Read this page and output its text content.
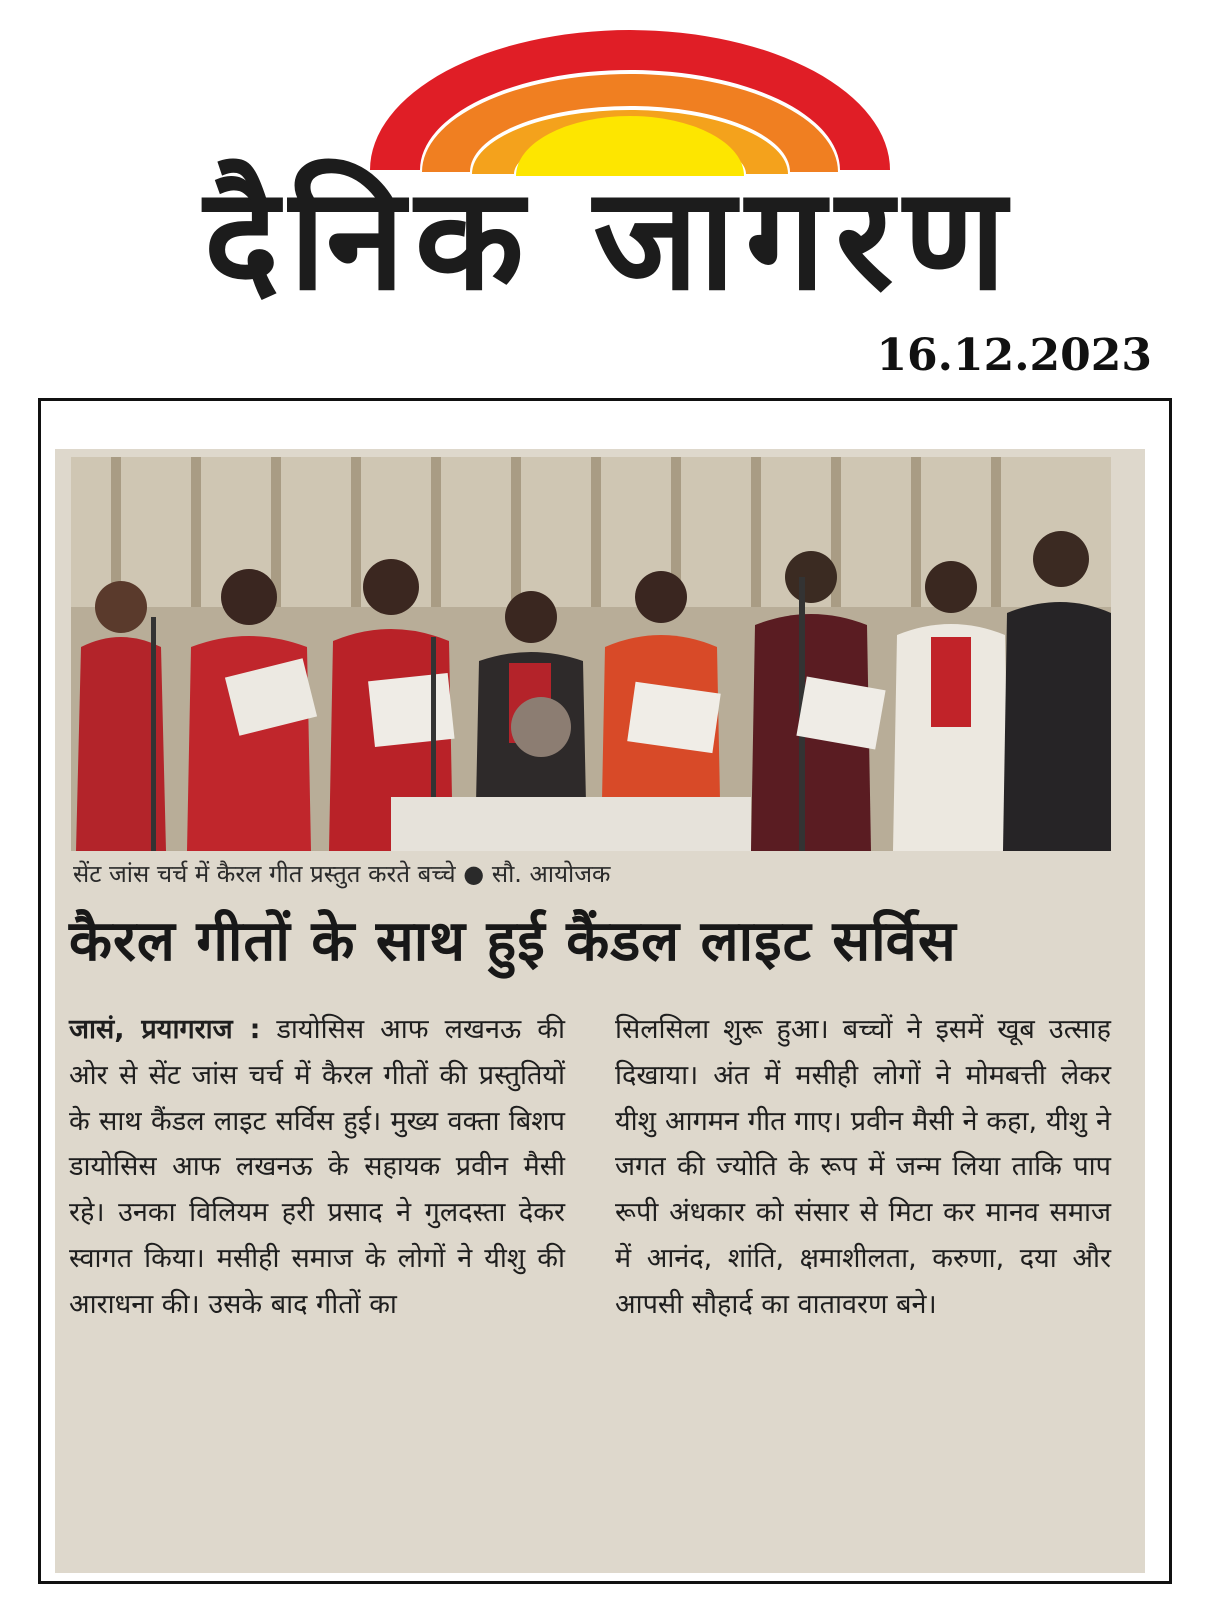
दैनिक जागरण
16.12.2023
सेंट जांस चर्च में कैरल गीत प्रस्तुत करते बच्चे ● सौ. आयोजक
कैरल गीतों के साथ हुई कैंडल लाइट सर्विस
जासं, प्रयागराज : डायोसिस आफ लखनऊ की ओर से सेंट जांस चर्च में कैरल गीतों की प्रस्तुतियों के साथ कैंडल लाइट सर्विस हुई। मुख्य वक्ता बिशप डायोसिस आफ लखनऊ के सहायक प्रवीन मैसी रहे। उनका विलियम हरी प्रसाद ने गुलदस्ता देकर स्वागत किया। मसीही समाज के लोगों ने यीशु की आराधना की। उसके बाद गीतों का
सिलसिला शुरू हुआ। बच्चों ने इसमें खूब उत्साह दिखाया। अंत में मसीही लोगों ने मोमबत्ती लेकर यीशु आगमन गीत गाए। प्रवीन मैसी ने कहा, यीशु ने जगत की ज्योति के रूप में जन्म लिया ताकि पाप रूपी अंधकार को संसार से मिटा कर मानव समाज में आनंद, शांति, क्षमाशीलता, करुणा, दया और आपसी सौहार्द का वातावरण बने।
